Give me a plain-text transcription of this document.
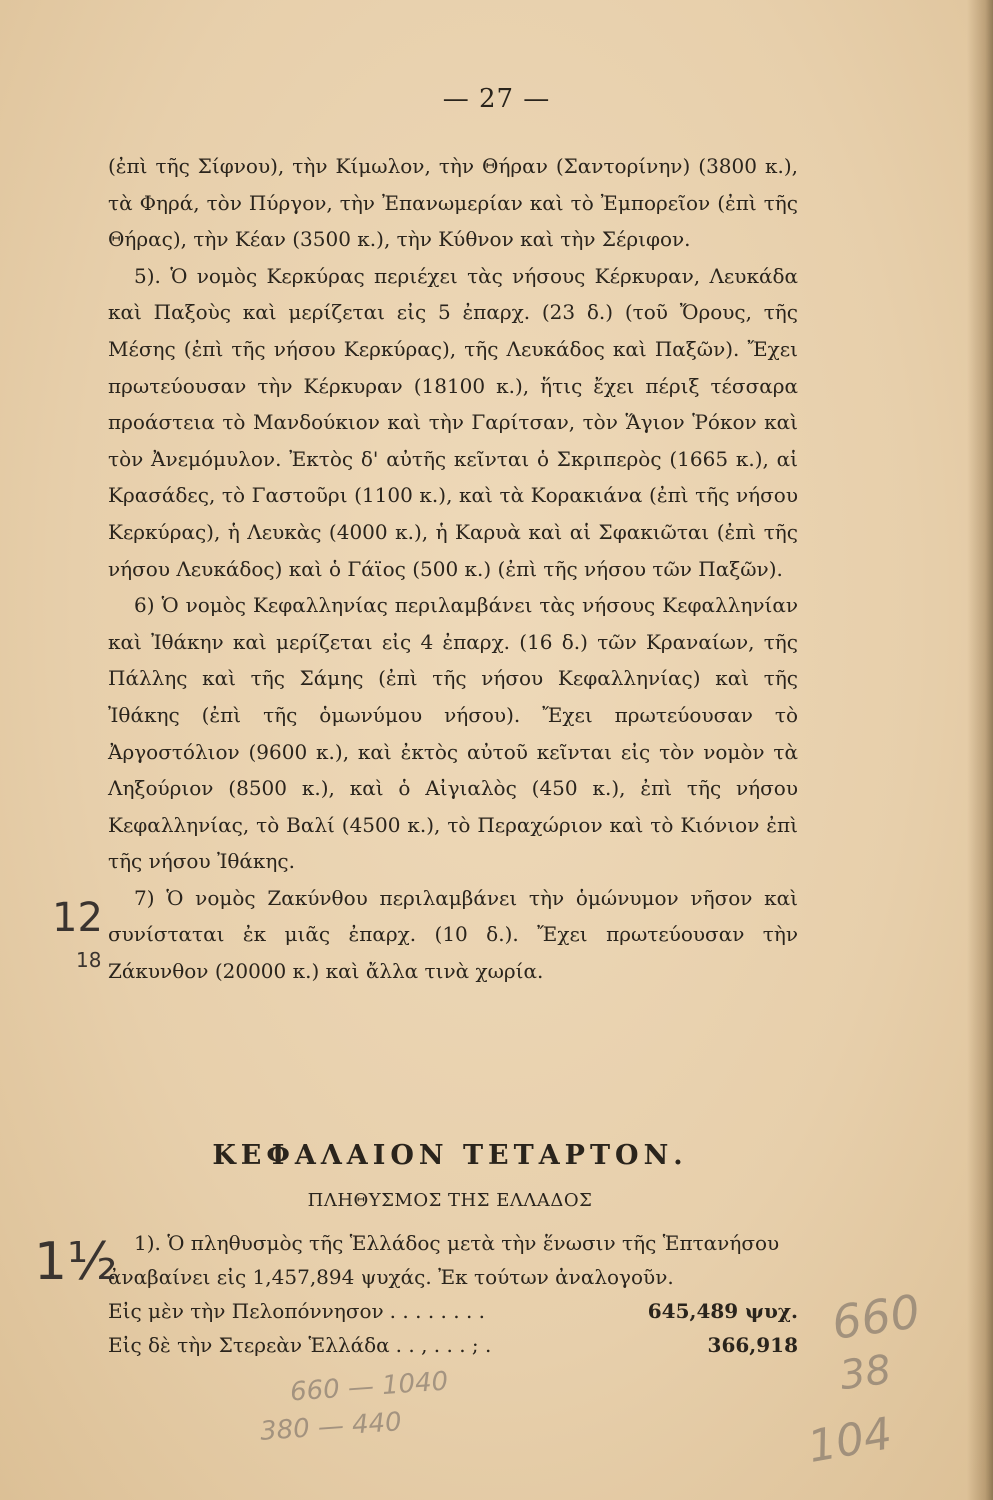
— 27 —

(ἐπὶ τῆς Σίφνου), τὴν Κίμωλον, τὴν Θήραν (Σαντορίνην) (3800 κ.), τὰ Φηρά, τὸν Πύργον, τὴν Ἐπανωμερίαν καὶ τὸ Ἐμπορεῖον (ἐπὶ τῆς Θήρας), τὴν Κέαν (3500 κ.), τὴν Κύθνον καὶ τὴν Σέριφον.

5). Ὁ νομὸς Κερκύρας περιέχει τὰς νήσους Κέρκυραν, Λευκάδα καὶ Παξοὺς καὶ μερίζεται εἰς 5 ἐπαρχ. (23 δ.) (τοῦ Ὄρους, τῆς Μέσης (ἐπὶ τῆς νήσου Κερκύρας), τῆς Λευκάδος καὶ Παξῶν). Ἔχει πρωτεύουσαν τὴν Κέρκυραν (18100 κ.), ἥτις ἔχει πέριξ τέσσαρα προάστεια τὸ Μανδούκιον καὶ τὴν Γαρίτσαν, τὸν Ἅγιον Ῥόκον καὶ τὸν Ἀνεμόμυλον. Ἐκτὸς δ' αὐτῆς κεῖνται ὁ Σκριπερὸς (1665 κ.), αἱ Κρασάδες, τὸ Γαστοῦρι (1100 κ.), καὶ τὰ Κορακιάνα (ἐπὶ τῆς νήσου Κερκύρας), ἡ Λευκὰς (4000 κ.), ἡ Καρυὰ καὶ αἱ Σφακιῶται (ἐπὶ τῆς νήσου Λευκάδος) καὶ ὁ Γάϊος (500 κ.) (ἐπὶ τῆς νήσου τῶν Παξῶν).

6) Ὁ νομὸς Κεφαλληνίας περιλαμβάνει τὰς νήσους Κεφαλληνίαν καὶ Ἰθάκην καὶ μερίζεται εἰς 4 ἐπαρχ. (16 δ.) τῶν Κραναίων, τῆς Πάλλης καὶ τῆς Σάμης (ἐπὶ τῆς νήσου Κεφαλληνίας) καὶ τῆς Ἰθάκης (ἐπὶ τῆς ὁμωνύμου νήσου). Ἔχει πρωτεύουσαν τὸ Ἀργοστόλιον (9600 κ.), καὶ ἐκτὸς αὐτοῦ κεῖνται εἰς τὸν νομὸν τὰ Ληξούριον (8500 κ.), καὶ ὁ Αἰγιαλὸς (450 κ.), ἐπὶ τῆς νήσου Κεφαλληνίας, τὸ Βαλί (4500 κ.), τὸ Περαχώριον καὶ τὸ Κιόνιον ἐπὶ τῆς νήσου Ἰθάκης.

7) Ὁ νομὸς Ζακύνθου περιλαμβάνει τὴν ὁμώνυμον νῆσον καὶ συνίσταται ἐκ μιᾶς ἐπαρχ. (10 δ.). Ἔχει πρωτεύουσαν τὴν Ζάκυνθον (20000 κ.) καὶ ἄλλα τινὰ χωρία.

ΚΕΦΑΛΑΙΟΝ ΤΕΤΑΡΤΟΝ.
ΠΛΗΘΥΣΜΟΣ ΤΗΣ ΕΛΛΑΔΟΣ

1). Ὁ πληθυσμὸς τῆς Ἑλλάδος μετὰ τὴν ἕνωσιν τῆς Ἑπτανήσου ἀναβαίνει εἰς 1,457,894 ψυχάς. Ἐκ τούτων ἀναλογοῦν.

Εἰς μὲν τὴν Πελοπόννησον . . . . . . . .	645,489 ψυχ.
Εἰς δὲ τὴν Στερεὰν Ἑλλάδα . . , . . . ; .	366,918
12
18
1½
660
38
104
660 — 1040
380 — 440
